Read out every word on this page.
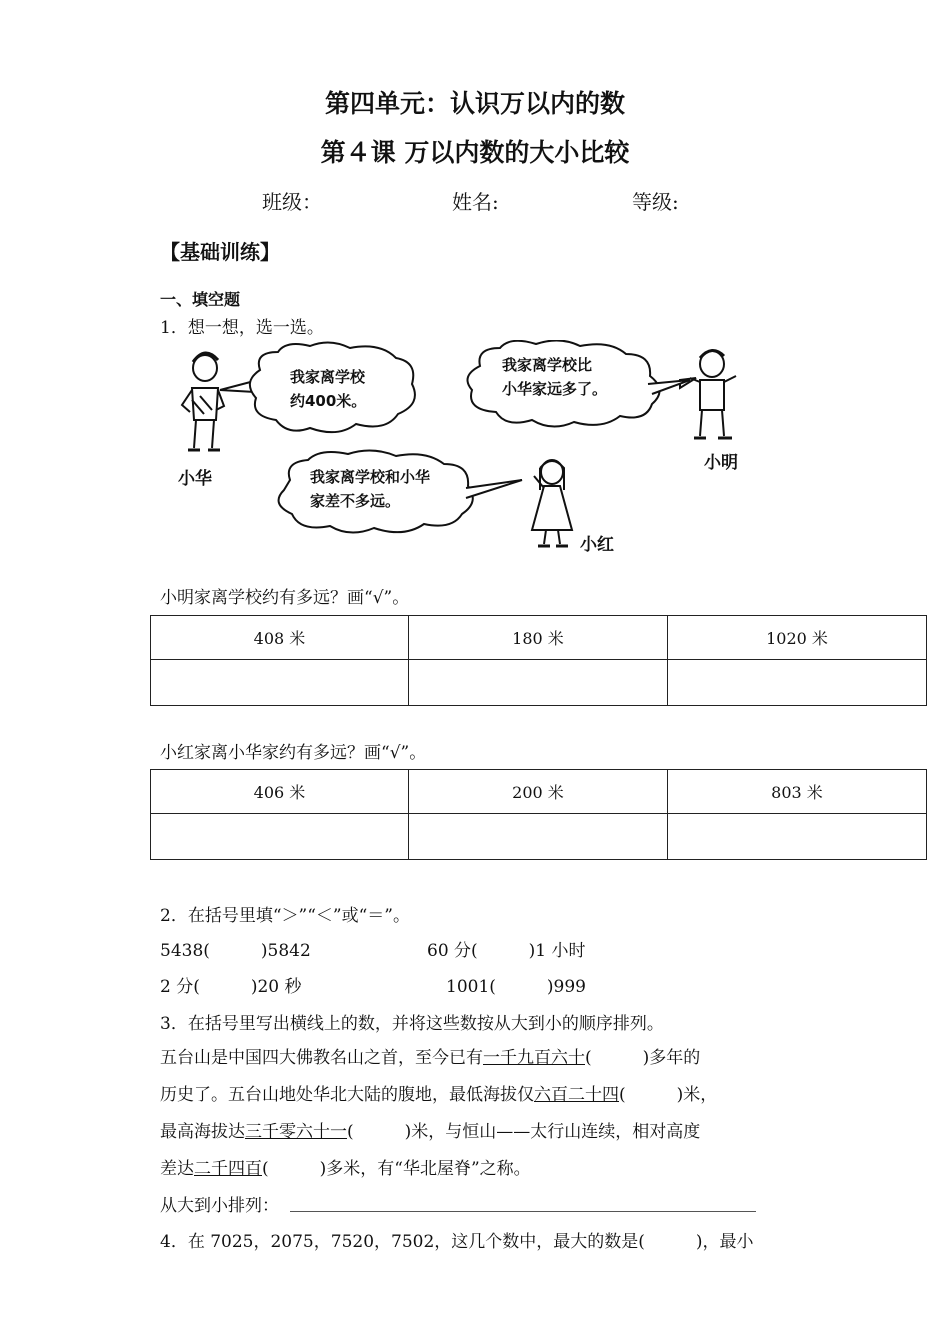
第四单元：认识万以内的数
第４课 万以内数的大小比较
班级：	姓名:	等级:
【基础训练】
一、填空题
1．想一想，选一选。
小华
我家离学校
约400米。
我家离学校比
小华家远多了。
小明
我家离学校和小华
家差不多远。
小红
小明家离学校约有多远？画“√”。
408 米	180 米	1020 米

小红家离小华家约有多远？画“√”。
406 米	200 米	803 米

2．在括号里填“＞”“＜”或“＝”。
5438(　　　)5842	60 分(　　　)1 小时
2 分(　　　)20 秒	1001(　　　)999
3．在括号里写出横线上的数，并将这些数按从大到小的顺序排列。
五台山是中国四大佛教名山之首，至今已有一千九百六十(　　　)多年的
历史了。五台山地处华北大陆的腹地，最低海拔仅六百二十四(　　　)米，
最高海拔达三千零六十一(　　　)米，与恒山——太行山连续，相对高度
差达二千四百(　　　)多米，有“华北屋脊”之称。
从大到小排列：
4．在 7025，2075，7520，7502，这几个数中，最大的数是(　　　)，最小
